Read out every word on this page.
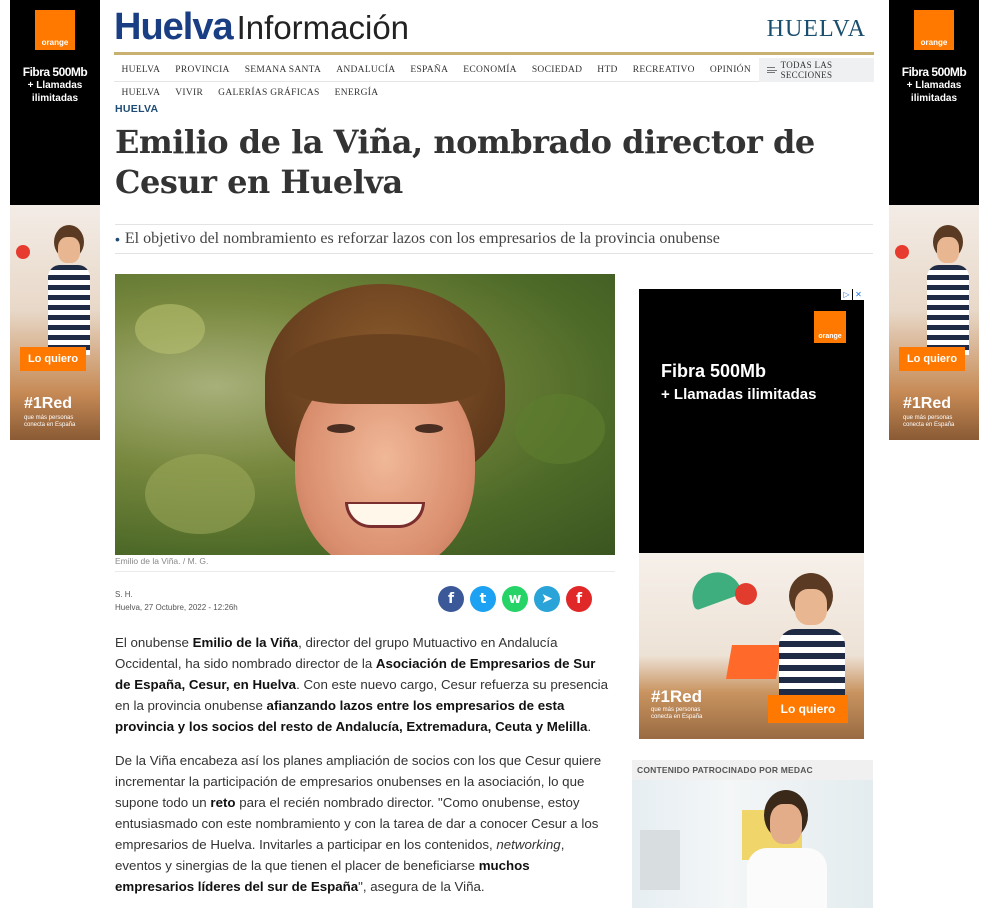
orange
Fibra 500Mb
+ Llamadas
ilimitadas
Lo quiero
#1Red
que más personas conecta en España
orange
Fibra 500Mb
+ Llamadas
ilimitadas
Lo quiero
#1Red
que más personas conecta en España
Huelva Información	HUELVA
HUELVA	PROVINCIA	SEMANA SANTA	ANDALUCÍA	ESPAÑA	ECONOMÍA	SOCIEDAD	HTD	RECREATIVO	OPINIÓN	TODAS LAS SECCIONES
HUELVA	VIVIR	GALERÍAS GRÁFICAS	ENERGÍA
HUELVA
Emilio de la Viña, nombrado director de Cesur en Huelva
• El objetivo del nombramiento es reforzar lazos con los empresarios de la provincia onubense
Emilio de la Viña. / M. G.
S. H.
Huelva, 27 Octubre, 2022 - 12:26h
f	t	w	➤	f

El onubense Emilio de la Viña, director del grupo Mutuactivo en Andalucía Occidental, ha sido nombrado director de la Asociación de Empresarios de Sur de España, Cesur, en Huelva. Con este nuevo cargo, Cesur refuerza su presencia en la provincia onubense afianzando lazos entre los empresarios de esta provincia y los socios del resto de Andalucía, Extremadura, Ceuta y Melilla.

De la Viña encabeza así los planes ampliación de socios con los que Cesur quiere incrementar la participación de empresarios onubenses en la asociación, lo que supone todo un reto para el recién nombrado director. "Como onubense, estoy entusiasmado con este nombramiento y con la tarea de dar a conocer Cesur a los empresarios de Huelva. Invitarles a participar en los contenidos, networking, eventos y sinergias de la que tienen el placer de beneficiarse muchos empresarios líderes del sur de España", asegura de la Viña.

▷ ✕
orange
Fibra 500Mb
+ Llamadas ilimitadas
#1Red
que más personas conecta en España
Lo quiero
CONTENIDO PATROCINADO POR MEDAC
